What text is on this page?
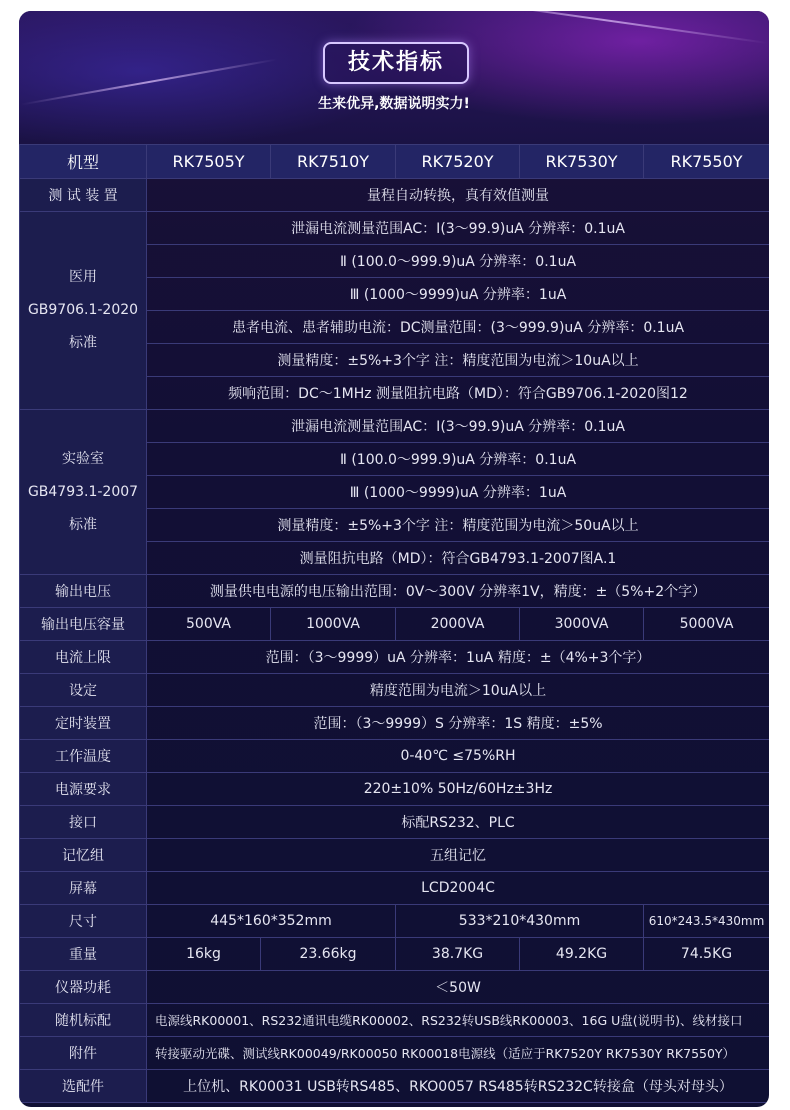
技术指标
生来优异,数据说明实力!
机型	RK7505Y		RK7510Y	RK7520Y	RK7530Y	RK7550Y
测 试 装 置	量程自动转换，真有效值测量					

医用
GB9706.1-2020
标准	泄漏电流测量范围AC：Ⅰ(3～99.9)uA 分辨率：0.1uA					
	Ⅱ (100.0～999.9)uA 分辨率：0.1uA					
	Ⅲ (1000～9999)uA 分辨率：1uA					
	患者电流、患者辅助电流：DC测量范围：(3～999.9)uA 分辨率：0.1uA					
	测量精度：±5%+3个字 注：精度范围为电流＞10uA以上					
	频响范围：DC～1MHz 测量阻抗电路（MD）：符合GB9706.1-2020图12					

实验室
GB4793.1-2007
标准	泄漏电流测量范围AC：Ⅰ(3～99.9)uA 分辨率：0.1uA					
	Ⅱ (100.0～999.9)uA 分辨率：0.1uA					
	Ⅲ (1000～9999)uA 分辨率：1uA					
	测量精度：±5%+3个字 注：精度范围为电流＞50uA以上					
	测量阻抗电路（MD）：符合GB4793.1-2007图A.1					
输出电压	测量供电电源的电压输出范围：0V～300V 分辨率1V，精度：±（5%+2个字）					
输出电压容量	500VA		1000VA	2000VA	3000VA	5000VA
电流上限	范围：（3～9999）uA 分辨率：1uA 精度：±（4%+3个字）					
设定	精度范围为电流＞10uA以上					
定时装置	范围：（3～9999）S 分辨率：1S 精度：±5%					
工作温度	0-40℃ ≤75%RH					
电源要求	220±10% 50Hz/60Hz±3Hz					
接口	标配RS232、PLC					
记忆组	五组记忆					
屏幕	LCD2004C					
尺寸	445*160*352mm			533*210*430mm		610*243.5*430mm
重量	16kg	23.66kg		38.7KG	49.2KG	74.5KG
仪器功耗	＜50W					
随机标配	电源线RK00001、RS232通讯电缆RK00002、RS232转USB线RK00003、16G U盘(说明书)、线材接口					
附件	转接驱动光碟、测试线RK00049/RK00050 RK00018电源线（适应于RK7520Y RK7530Y RK7550Y）					
选配件	上位机、RK00031 USB转RS485、RKO0057 RS485转RS232C转接盒（母头对母头）					
